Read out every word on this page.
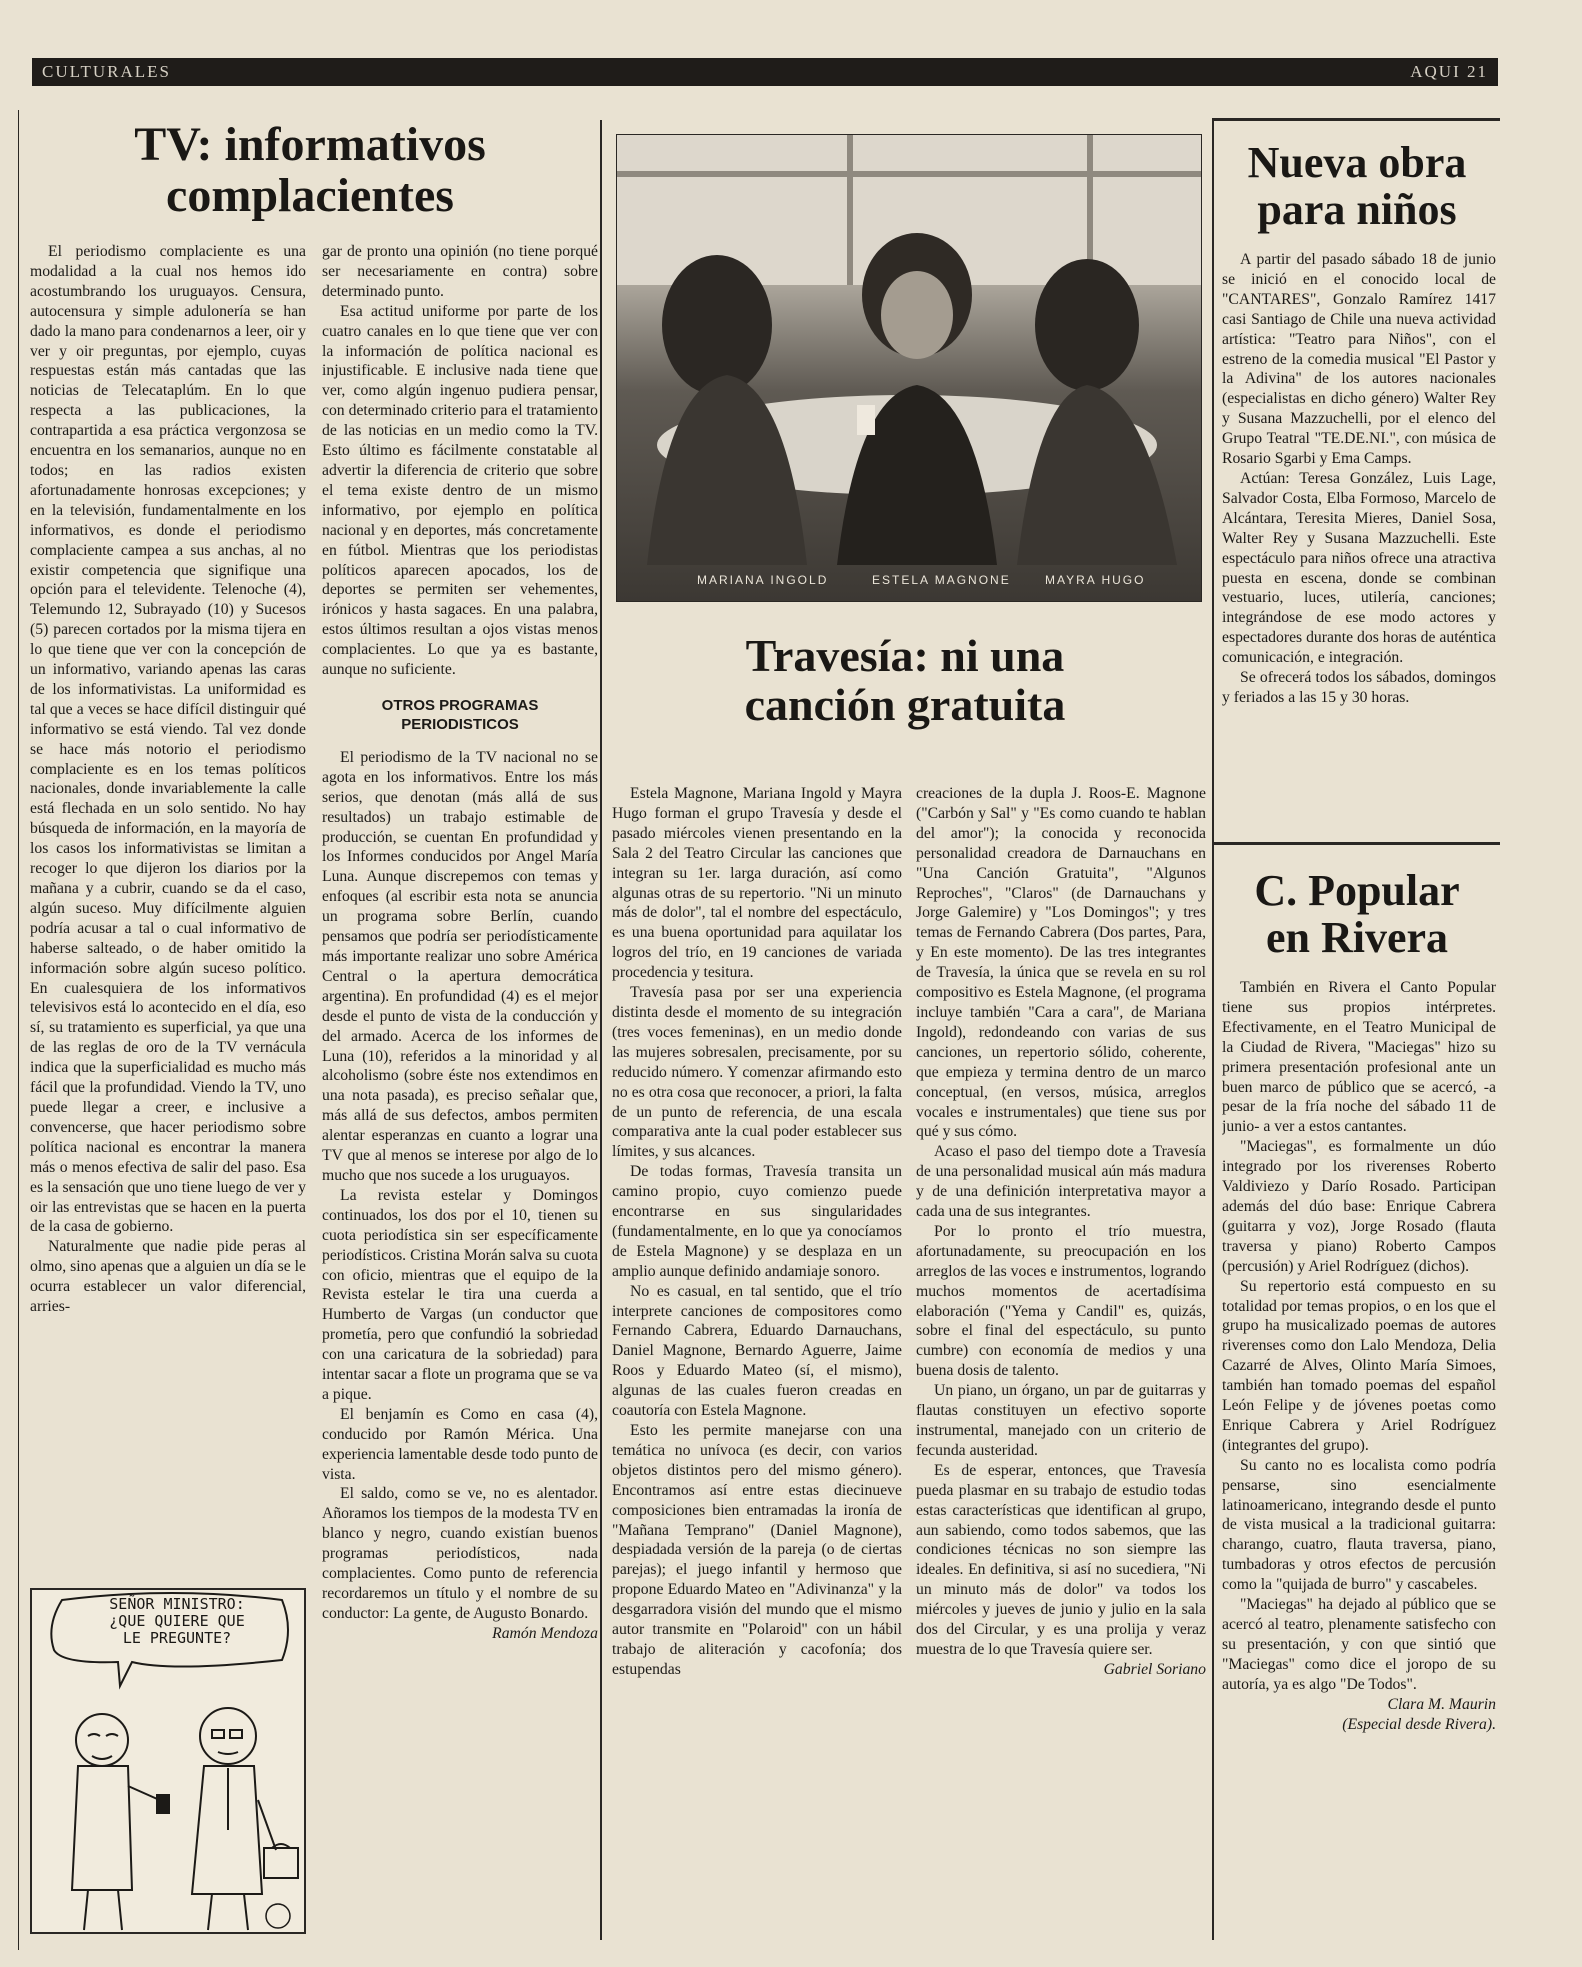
CULTURALES	AQUI 21
TV: informativos
complacientes

El periodismo complaciente es una modalidad a la cual nos hemos ido acostumbrando los uruguayos. Censura, autocensura y simple adulonería se han dado la mano para condenarnos a leer, oir y ver y oir preguntas, por ejemplo, cuyas respuestas están más cantadas que las noticias de Telecataplúm. En lo que respecta a las publicaciones, la contrapartida a esa práctica vergonzosa se encuentra en los semanarios, aunque no en todos; en las radios existen afortunadamente honrosas excepciones; y en la televisión, fundamentalmente en los informativos, es donde el periodismo complaciente campea a sus anchas, al no existir competencia que signifique una opción para el televidente. Telenoche (4), Telemundo 12, Subrayado (10) y Sucesos (5) parecen cortados por la misma tijera en lo que tiene que ver con la concepción de un informativo, variando apenas las caras de los informativistas. La uniformidad es tal que a veces se hace difícil distinguir qué informativo se está viendo. Tal vez donde se hace más notorio el periodismo complaciente es en los temas políticos nacionales, donde invariablemente la calle está flechada en un solo sentido. No hay búsqueda de información, en la mayoría de los casos los informativistas se limitan a recoger lo que dijeron los diarios por la mañana y a cubrir, cuando se da el caso, algún suceso. Muy difícilmente alguien podría acusar a tal o cual informativo de haberse salteado, o de haber omitido la información sobre algún suceso político. En cualesquiera de los informativos televisivos está lo acontecido en el día, eso sí, su tratamiento es superficial, ya que una de las reglas de oro de la TV vernácula indica que la superficialidad es mucho más fácil que la profundidad. Viendo la TV, uno puede llegar a creer, e inclusive a convencerse, que hacer periodismo sobre política nacional es encontrar la manera más o menos efectiva de salir del paso. Esa es la sensación que uno tiene luego de ver y oir las entrevistas que se hacen en la puerta de la casa de gobierno.

Naturalmente que nadie pide peras al olmo, sino apenas que a alguien un día se le ocurra establecer un valor diferencial, arries-

SEÑOR MINISTRO:
¿QUE QUIERE QUE
LE PREGUNTE?

gar de pronto una opinión (no tiene porqué ser necesariamente en contra) sobre determinado punto.

Esa actitud uniforme por parte de los cuatro canales en lo que tiene que ver con la información de política nacional es injustificable. E inclusive nada tiene que ver, como algún ingenuo pudiera pensar, con determinado criterio para el tratamiento de las noticias en un medio como la TV. Esto último es fácilmente constatable al advertir la diferencia de criterio que sobre el tema existe dentro de un mismo informativo, por ejemplo en política nacional y en deportes, más concretamente en fútbol. Mientras que los periodistas políticos aparecen apocados, los de deportes se permiten ser vehementes, irónicos y hasta sagaces. En una palabra, estos últimos resultan a ojos vistas menos complacientes. Lo que ya es bastante, aunque no suficiente.

OTROS PROGRAMAS
PERIODISTICOS

El periodismo de la TV nacional no se agota en los informativos. Entre los más serios, que denotan (más allá de sus resultados) un trabajo estimable de producción, se cuentan En profundidad y los Informes conducidos por Angel María Luna. Aunque discrepemos con temas y enfoques (al escribir esta nota se anuncia un programa sobre Berlín, cuando pensamos que podría ser periodísticamente más importante realizar uno sobre América Central o la apertura democrática argentina). En profundidad (4) es el mejor desde el punto de vista de la conducción y del armado. Acerca de los informes de Luna (10), referidos a la minoridad y al alcoholismo (sobre éste nos extendimos en una nota pasada), es preciso señalar que, más allá de sus defectos, ambos permiten alentar esperanzas en cuanto a lograr una TV que al menos se interese por algo de lo mucho que nos sucede a los uruguayos.

La revista estelar y Domingos continuados, los dos por el 10, tienen su cuota periodística sin ser específicamente periodísticos. Cristina Morán salva su cuota con oficio, mientras que el equipo de la Revista estelar le tira una cuerda a Humberto de Vargas (un conductor que prometía, pero que confundió la sobriedad con una caricatura de la sobriedad) para intentar sacar a flote un programa que se va a pique.

El benjamín es Como en casa (4), conducido por Ramón Mérica. Una experiencia lamentable desde todo punto de vista.

El saldo, como se ve, no es alentador. Añoramos los tiempos de la modesta TV en blanco y negro, cuando existían buenos programas periodísticos, nada complacientes. Como punto de referencia recordaremos un título y el nombre de su conductor: La gente, de Augusto Bonardo.

Ramón Mendoza
MARIANA INGOLD	ESTELA MAGNONE	MAYRA HUGO
Travesía: ni una
canción gratuita

Estela Magnone, Mariana Ingold y Mayra Hugo forman el grupo Travesía y desde el pasado miércoles vienen presentando en la Sala 2 del Teatro Circular las canciones que integran su 1er. larga duración, así como algunas otras de su repertorio. "Ni un minuto más de dolor", tal el nombre del espectáculo, es una buena oportunidad para aquilatar los logros del trío, en 19 canciones de variada procedencia y tesitura.

Travesía pasa por ser una experiencia distinta desde el momento de su integración (tres voces femeninas), en un medio donde las mujeres sobresalen, precisamente, por su reducido número. Y comenzar afirmando esto no es otra cosa que reconocer, a priori, la falta de un punto de referencia, de una escala comparativa ante la cual poder establecer sus límites, y sus alcances.

De todas formas, Travesía transita un camino propio, cuyo comienzo puede encontrarse en sus singularidades (fundamentalmente, en lo que ya conocíamos de Estela Magnone) y se desplaza en un amplio aunque definido andamiaje sonoro.

No es casual, en tal sentido, que el trío interprete canciones de compositores como Fernando Cabrera, Eduardo Darnauchans, Daniel Magnone, Bernardo Aguerre, Jaime Roos y Eduardo Mateo (sí, el mismo), algunas de las cuales fueron creadas en coautoría con Estela Magnone.

Esto les permite manejarse con una temática no unívoca (es decir, con varios objetos distintos pero del mismo género). Encontramos así entre estas diecinueve composiciones bien entramadas la ironía de "Mañana Temprano" (Daniel Magnone), despiadada versión de la pareja (o de ciertas parejas); el juego infantil y hermoso que propone Eduardo Mateo en "Adivinanza" y la desgarradora visión del mundo que el mismo autor transmite en "Polaroid" con un hábil trabajo de aliteración y cacofonía; dos estupendas

creaciones de la dupla J. Roos-E. Magnone ("Carbón y Sal" y "Es como cuando te hablan del amor"); la conocida y reconocida personalidad creadora de Darnauchans en "Una Canción Gratuita", "Algunos Reproches", "Claros" (de Darnauchans y Jorge Galemire) y "Los Domingos"; y tres temas de Fernando Cabrera (Dos partes, Para, y En este momento). De las tres integrantes de Travesía, la única que se revela en su rol compositivo es Estela Magnone, (el programa incluye también "Cara a cara", de Mariana Ingold), redondeando con varias de sus canciones, un repertorio sólido, coherente, que empieza y termina dentro de un marco conceptual, (en versos, música, arreglos vocales e instrumentales) que tiene sus por qué y sus cómo.

Acaso el paso del tiempo dote a Travesía de una personalidad musical aún más madura y de una definición interpretativa mayor a cada una de sus integrantes.

Por lo pronto el trío muestra, afortunadamente, su preocupación en los arreglos de las voces e instrumentos, logrando muchos momentos de acertadísima elaboración ("Yema y Candil" es, quizás, sobre el final del espectáculo, su punto cumbre) con economía de medios y una buena dosis de talento.

Un piano, un órgano, un par de guitarras y flautas constituyen un efectivo soporte instrumental, manejado con un criterio de fecunda austeridad.

Es de esperar, entonces, que Travesía pueda plasmar en su trabajo de estudio todas estas características que identifican al grupo, aun sabiendo, como todos sabemos, que las condiciones técnicas no son siempre las ideales. En definitiva, si así no sucediera, "Ni un minuto más de dolor" va todos los miércoles y jueves de junio y julio en la sala dos del Circular, y es una prolija y veraz muestra de lo que Travesía quiere ser.

Gabriel Soriano
Nueva obra
para niños

A partir del pasado sábado 18 de junio se inició en el conocido local de "CANTARES", Gonzalo Ramírez 1417 casi Santiago de Chile una nueva actividad artística: "Teatro para Niños", con el estreno de la comedia musical "El Pastor y la Adivina" de los autores nacionales (especialistas en dicho género) Walter Rey y Susana Mazzuchelli, por el elenco del Grupo Teatral "TE.DE.NI.", con música de Rosario Sgarbi y Ema Camps.

Actúan: Teresa González, Luis Lage, Salvador Costa, Elba Formoso, Marcelo de Alcántara, Teresita Mieres, Daniel Sosa, Walter Rey y Susana Mazzuchelli. Este espectáculo para niños ofrece una atractiva puesta en escena, donde se combinan vestuario, luces, utilería, canciones; integrándose de ese modo actores y espectadores durante dos horas de auténtica comunicación, e integración.

Se ofrecerá todos los sábados, domingos y feriados a las 15 y 30 horas.

C. Popular
en Rivera

También en Rivera el Canto Popular tiene sus propios intérpretes. Efectivamente, en el Teatro Municipal de la Ciudad de Rivera, "Maciegas" hizo su primera presentación profesional ante un buen marco de público que se acercó, -a pesar de la fría noche del sábado 11 de junio- a ver a estos cantantes.

"Maciegas", es formalmente un dúo integrado por los riverenses Roberto Valdiviezo y Darío Rosado. Participan además del dúo base: Enrique Cabrera (guitarra y voz), Jorge Rosado (flauta traversa y piano) Roberto Campos (percusión) y Ariel Rodríguez (dichos).

Su repertorio está compuesto en su totalidad por temas propios, o en los que el grupo ha musicalizado poemas de autores riverenses como don Lalo Mendoza, Delia Cazarré de Alves, Olinto María Simoes, también han tomado poemas del español León Felipe y de jóvenes poetas como Enrique Cabrera y Ariel Rodríguez (integrantes del grupo).

Su canto no es localista como podría pensarse, sino esencialmente latinoamericano, integrando desde el punto de vista musical a la tradicional guitarra: charango, cuatro, flauta traversa, piano, tumbadoras y otros efectos de percusión como la "quijada de burro" y cascabeles.

"Maciegas" ha dejado al público que se acercó al teatro, plenamente satisfecho con su presentación, y con que sintió que "Maciegas" como dice el joropo de su autoría, ya es algo "De Todos".

Clara M. Maurin
(Especial desde Rivera).
